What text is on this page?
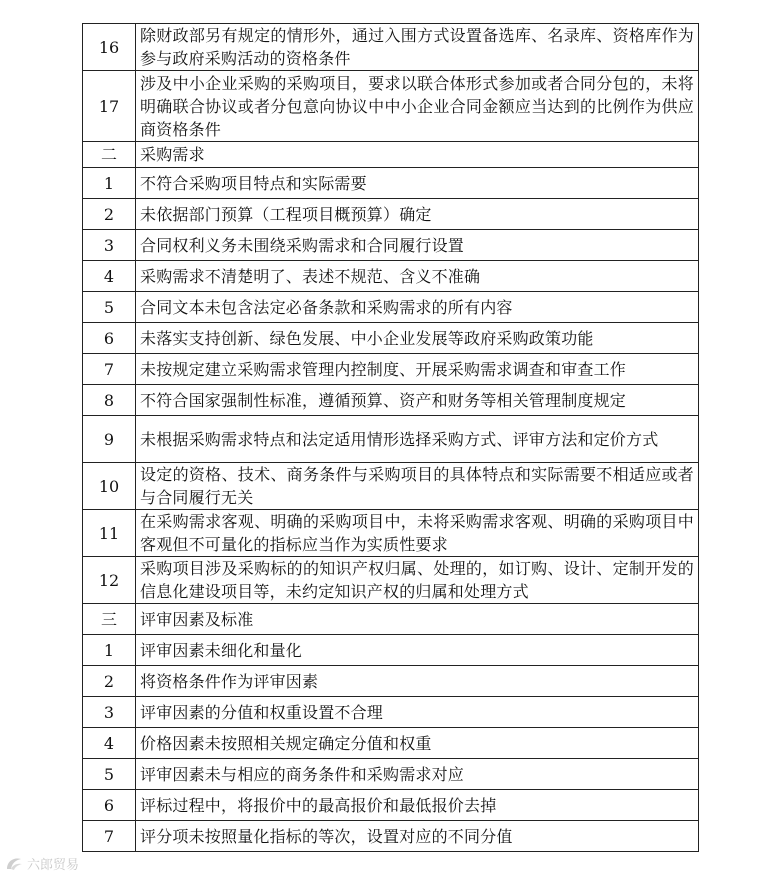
16	除财政部另有规定的情形外，通过入围方式设置备选库、名录库、资格库作为参与政府采购活动的资格条件
17	涉及中小企业采购的采购项目，要求以联合体形式参加或者合同分包的，未将明确联合协议或者分包意向协议中中小企业合同金额应当达到的比例作为供应商资格条件
二	采购需求
1	不符合采购项目特点和实际需要
2	未依据部门预算（工程项目概预算）确定
3	合同权利义务未围绕采购需求和合同履行设置
4	采购需求不清楚明了、表述不规范、含义不准确
5	合同文本未包含法定必备条款和采购需求的所有内容
6	未落实支持创新、绿色发展、中小企业发展等政府采购政策功能
7	未按规定建立采购需求管理内控制度、开展采购需求调查和审查工作
8	不符合国家强制性标准，遵循预算、资产和财务等相关管理制度规定
9	未根据采购需求特点和法定适用情形选择采购方式、评审方法和定价方式
10	设定的资格、技术、商务条件与采购项目的具体特点和实际需要不相适应或者与合同履行无关
11	在采购需求客观、明确的采购项目中，未将采购需求客观、明确的采购项目中客观但不可量化的指标应当作为实质性要求
12	采购项目涉及采购标的的知识产权归属、处理的，如订购、设计、定制开发的信息化建设项目等，未约定知识产权的归属和处理方式
三	评审因素及标准
1	评审因素未细化和量化
2	将资格条件作为评审因素
3	评审因素的分值和权重设置不合理
4	价格因素未按照相关规定确定分值和权重
5	评审因素未与相应的商务条件和采购需求对应
6	评标过程中，将报价中的最高报价和最低报价去掉
7	评分项未按照量化指标的等次，设置对应的不同分值
六郎贸易
